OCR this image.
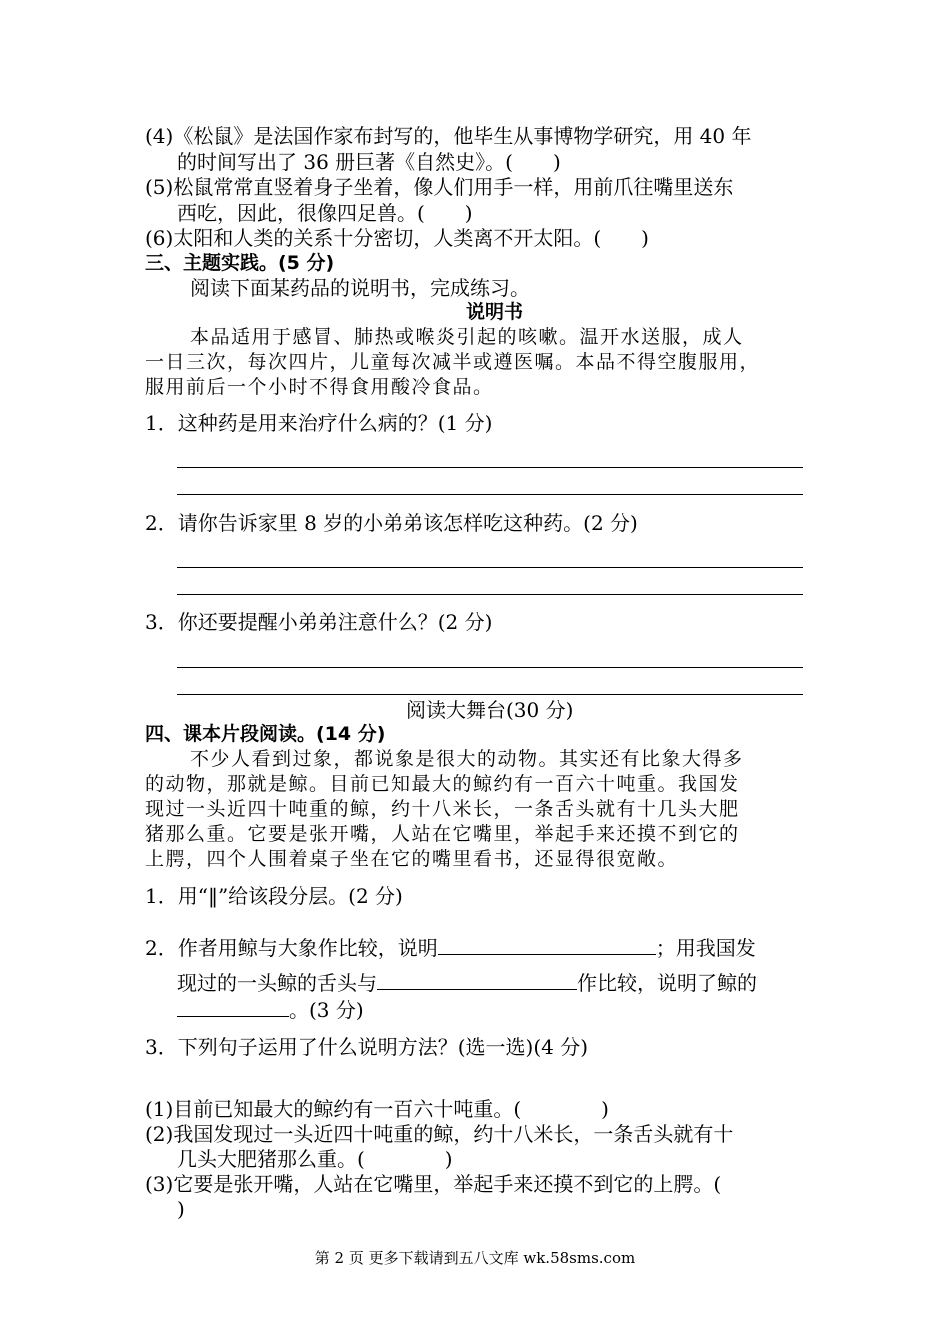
(4)《松鼠》是法国作家布封写的，他毕生从事博物学研究，用 40 年
的时间写出了 36 册巨著《自然史》。(　　)
(5)松鼠常常直竖着身子坐着，像人们用手一样，用前爪往嘴里送东
西吃，因此，很像四足兽。(　　)
(6)太阳和人类的关系十分密切，人类离不开太阳。(　　)
三、主题实践。(5 分)
阅读下面某药品的说明书，完成练习。
说明书
本品适用于感冒、肺热或喉炎引起的咳嗽。温开水送服，成人
一日三次，每次四片，儿童每次减半或遵医嘱。本品不得空腹服用，
服用前后一个小时不得食用酸冷食品。
1．这种药是用来治疗什么病的？(1 分)
2．请你告诉家里 8 岁的小弟弟该怎样吃这种药。(2 分)
3．你还要提醒小弟弟注意什么？(2 分)
阅读大舞台(30 分)
四、课本片段阅读。(14 分)
不少人看到过象，都说象是很大的动物。其实还有比象大得多
的动物，那就是鲸。目前已知最大的鲸约有一百六十吨重。我国发
现过一头近四十吨重的鲸，约十八米长，一条舌头就有十几头大肥
猪那么重。它要是张开嘴，人站在它嘴里，举起手来还摸不到它的
上腭，四个人围着桌子坐在它的嘴里看书，还显得很宽敞。
1．用“‖”给该段分层。(2 分)
2．作者用鲸与大象作比较，说明	；用我国发
现过的一头鲸的舌头与	作比较，说明了鲸的
。(3 分)
3．下列句子运用了什么说明方法？(选一选)(4 分)
(1)目前已知最大的鲸约有一百六十吨重。(　　　　)
(2)我国发现过一头近四十吨重的鲸，约十八米长，一条舌头就有十
几头大肥猪那么重。(　　　　)
(3)它要是张开嘴，人站在它嘴里，举起手来还摸不到它的上腭。(
)
第 2 页 更多下载请到五八文库 wk.58sms.com
